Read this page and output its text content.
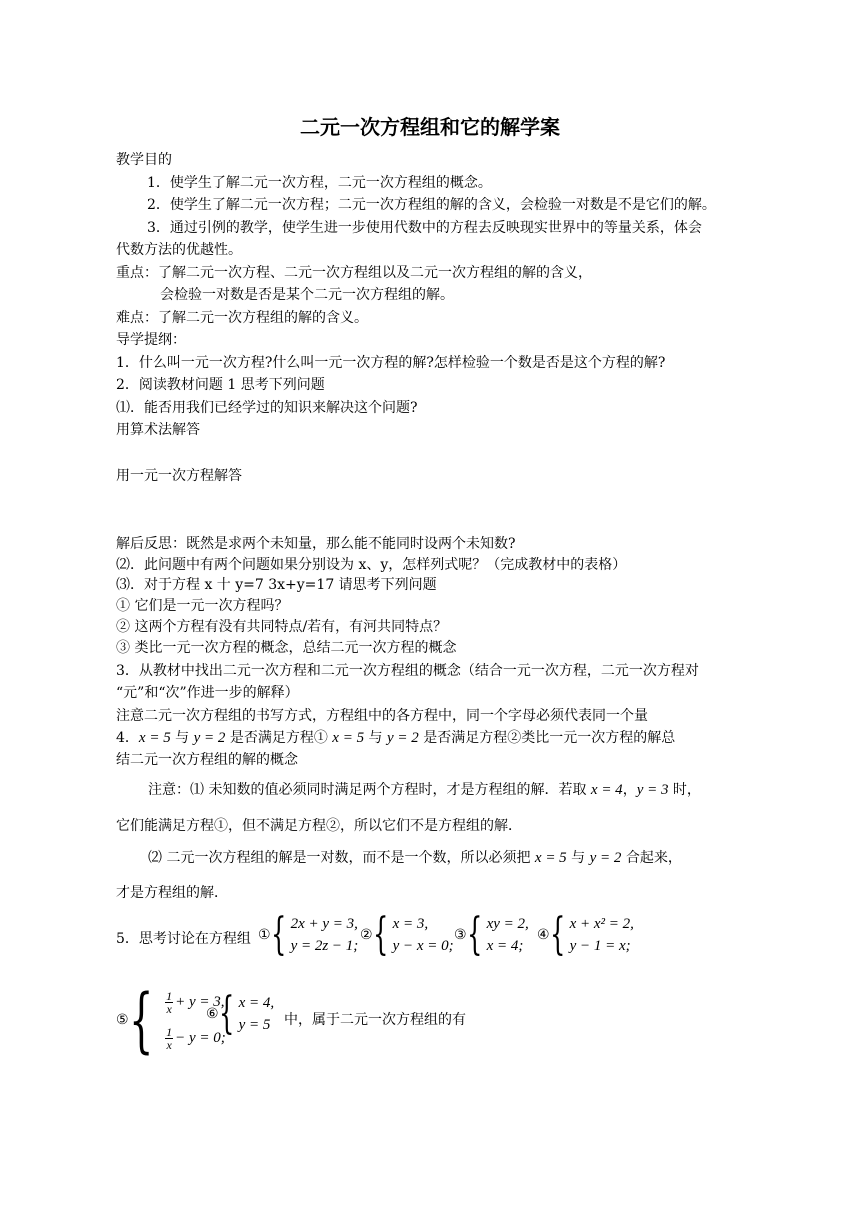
二元一次方程组和它的解学案
教学目的
1．使学生了解二元一次方程，二元一次方程组的概念。
2．使学生了解二元一次方程；二元一次方程组的解的含义，会检验一对数是不是它们的解。
3．通过引例的教学，使学生进一步使用代数中的方程去反映现实世界中的等量关系，体会
代数方法的优越性。
重点：了解二元一次方程、二元一次方程组以及二元一次方程组的解的含义，
会检验一对数是否是某个二元一次方程组的解。
难点：了解二元一次方程组的解的含义。
导学提纲：
1．什么叫一元一次方程?什么叫一元一次方程的解?怎样检验一个数是否是这个方程的解?
2．阅读教材问题 1 思考下列问题
⑴．能否用我们已经学过的知识来解决这个问题?
用算术法解答
用一元一次方程解答
解后反思：既然是求两个未知量，那么能不能同时设两个未知数?
⑵．此问题中有两个问题如果分别设为 x、y，怎样列式呢？（完成教材中的表格）
⑶．对于方程 x 十 y=7 3x+y=17 请思考下列问题
① 它们是一元一次方程吗？
② 这两个方程有没有共同特点/若有，有河共同特点？
③ 类比一元一次方程的概念，总结二元一次方程的概念
3．从教材中找出二元一次方程和二元一次方程组的概念（结合一元一次方程，二元一次方程对
“元”和“次”作进一步的解释）
注意二元一次方程组的书写方式，方程组中的各方程中，同一个字母必须代表同一个量
4．x = 5 与 y = 2 是否满足方程① x = 5 与 y = 2 是否满足方程②类比一元一次方程的解总
结二元一次方程组的解的概念
注意：⑴ 未知数的值必须同时满足两个方程时，才是方程组的解．若取 x = 4，y = 3 时，
它们能满足方程①，但不满足方程②，所以它们不是方程组的解．
⑵ 二元一次方程组的解是一对数，而不是一个数，所以必须把 x = 5 与 y = 2 合起来，
才是方程组的解．
5．思考讨论在方程组 ① { 2x + y = 3,
y = 2z − 1;
② { x = 3,
y − x = 0;
③ { xy = 2,
x = 4;
④ { x + x² = 2,
y − 1 = x;
⑤ { $\frac{1}{x} + y = 3$,
$\frac{1}{x} - y = 0$;
⑥ { x = 4,
y = 5 中，属于二元一次方程组的有
